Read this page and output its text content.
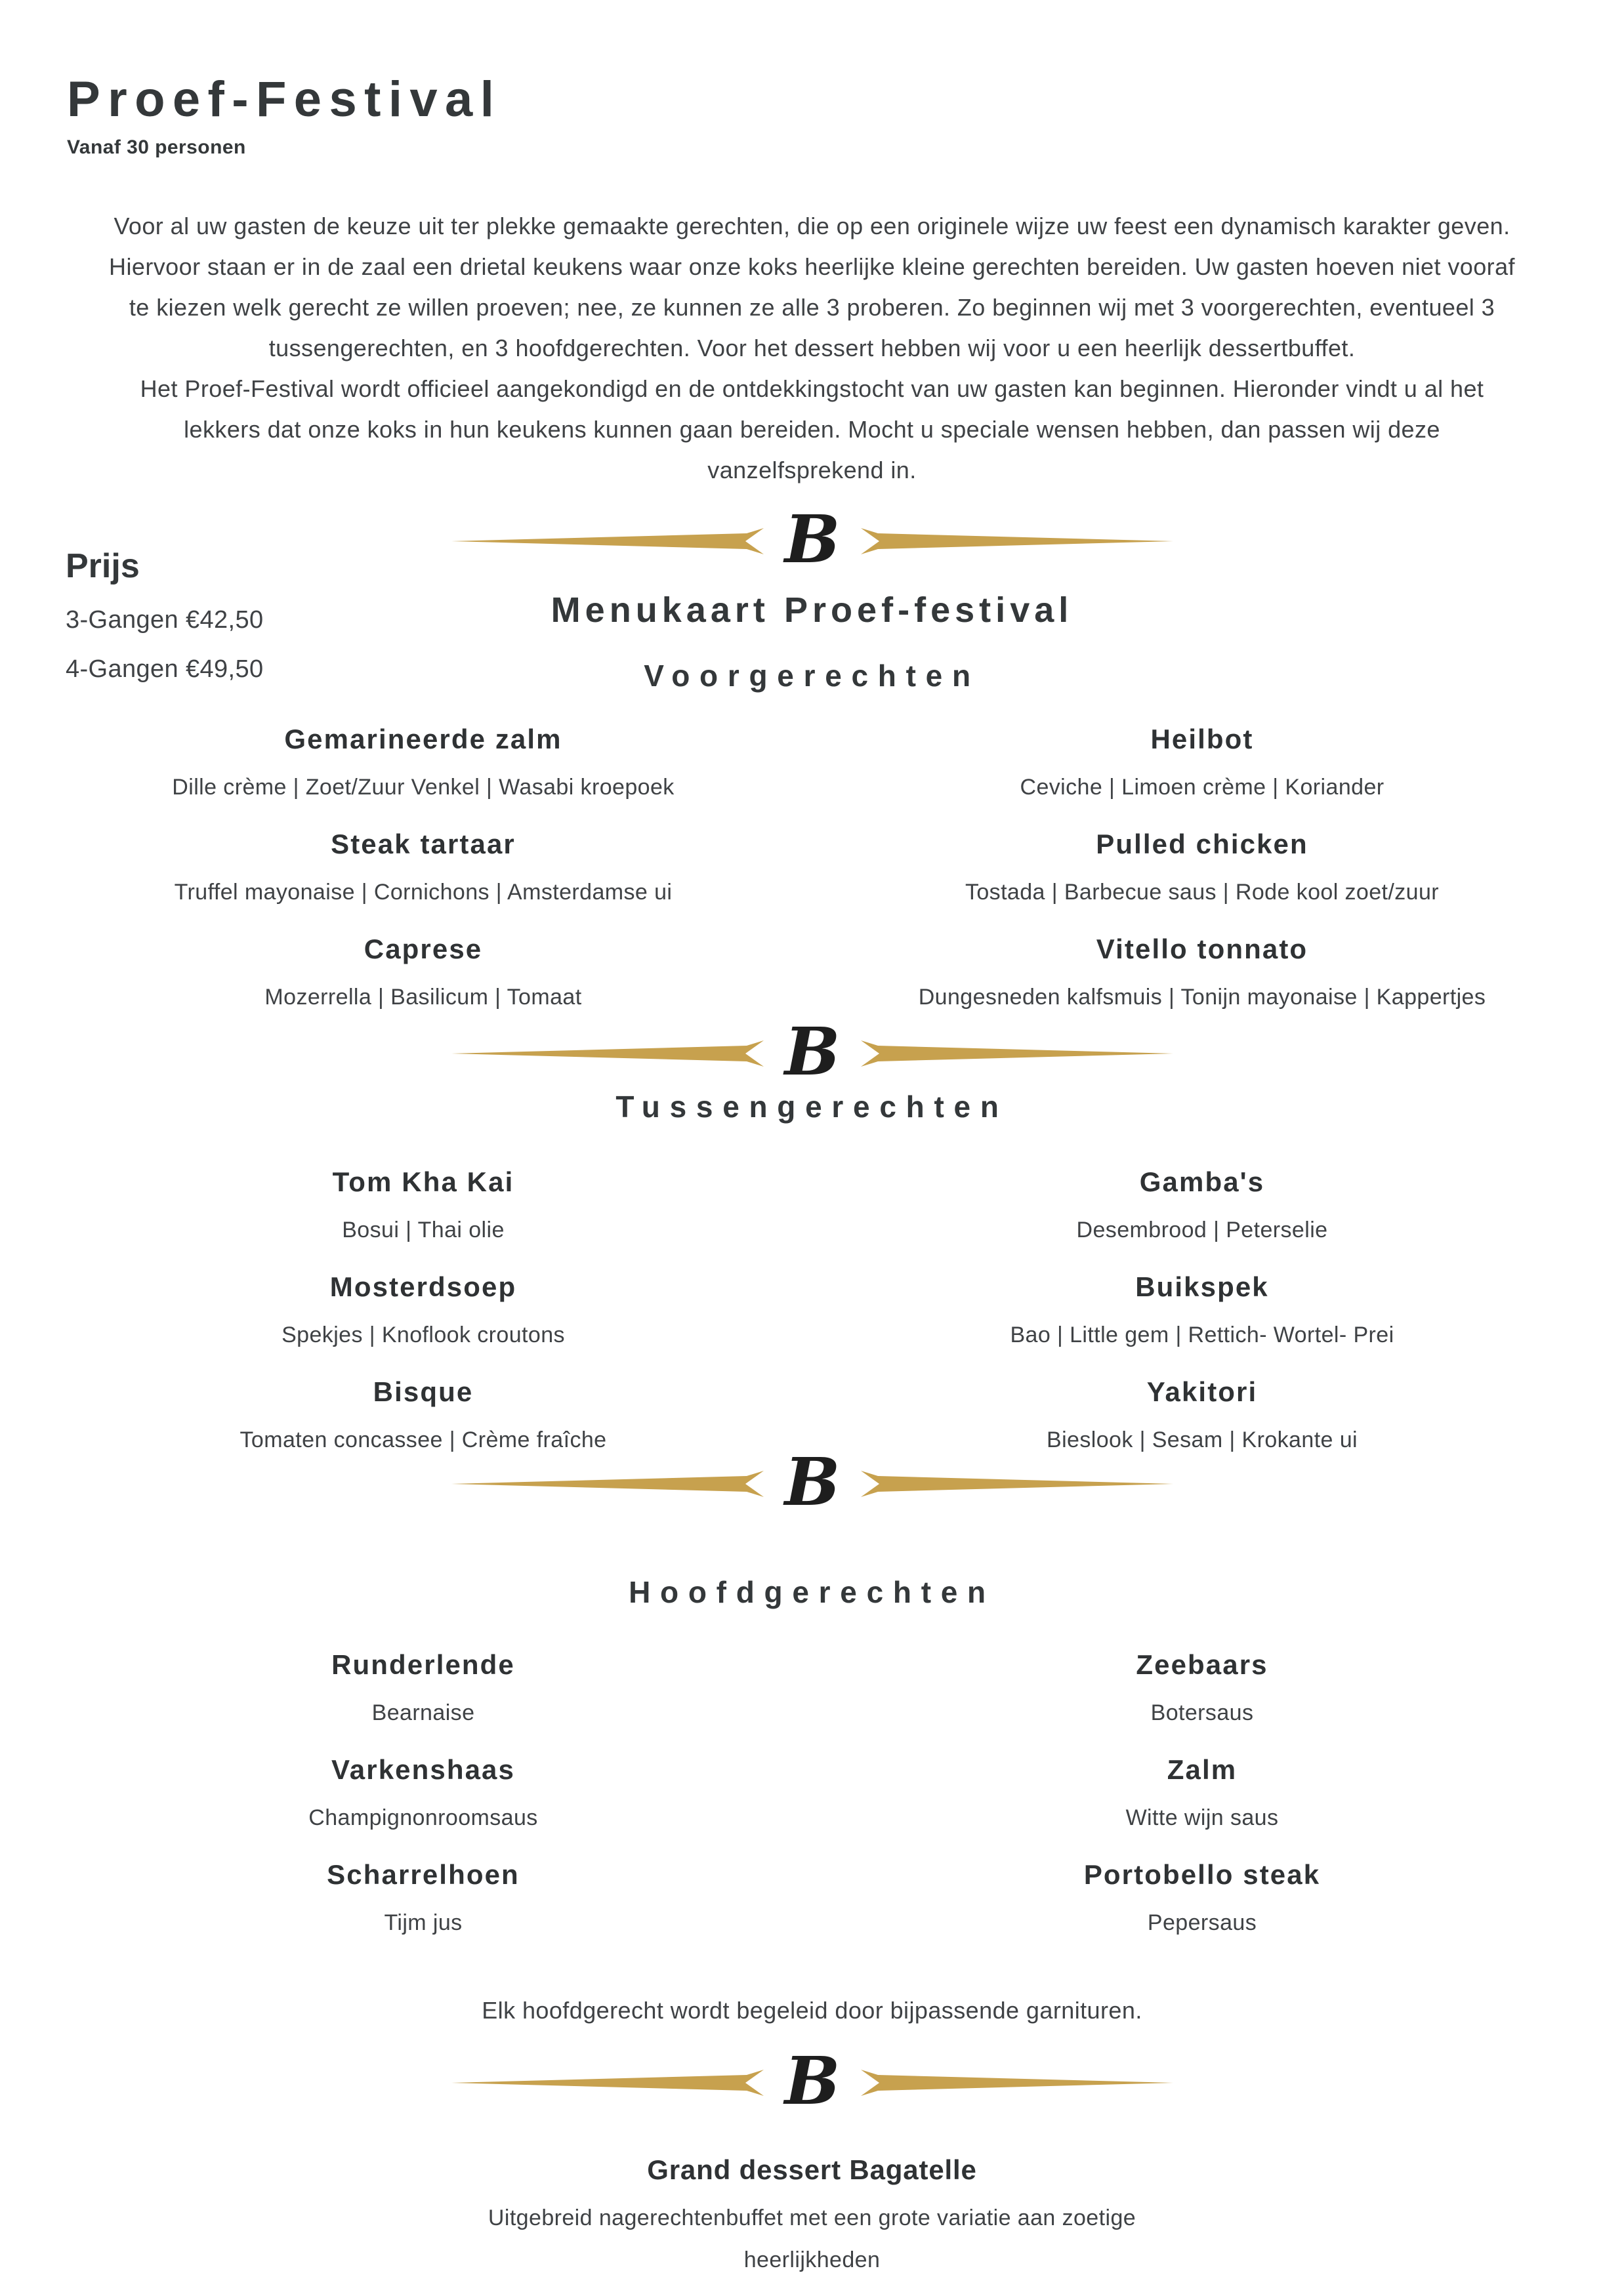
Proef-Festival
Vanaf 30 personen

Voor al uw gasten de keuze uit ter plekke gemaakte gerechten, die op een originele wijze uw feest een dynamisch karakter geven. Hiervoor staan er in de zaal een drietal keukens waar onze koks heerlijke kleine gerechten bereiden. Uw gasten hoeven niet vooraf te kiezen welk gerecht ze willen proeven; nee, ze kunnen ze alle 3 proberen. Zo beginnen wij met 3 voorgerechten, eventueel 3 tussengerechten, en 3 hoofdgerechten. Voor het dessert hebben wij voor u een heerlijk dessertbuffet.

Het Proef-Festival wordt officieel aangekondigd en de ontdekkingstocht van uw gasten kan beginnen. Hieronder vindt u al het lekkers dat onze koks in hun keukens kunnen gaan bereiden. Mocht u speciale wensen hebben, dan passen wij deze vanzelfsprekend in.

Prijs
3-Gangen €42,50
4-Gangen €49,50
B
Menukaart Proef-festival
Voorgerechten
Gemarineerde zalm
Dille crème | Zoet/Zuur Venkel | Wasabi kroepoek
Steak tartaar
Truffel mayonaise | Cornichons | Amsterdamse ui
Caprese
Mozerrella | Basilicum | Tomaat
Heilbot
Ceviche | Limoen crème | Koriander
Pulled chicken
Tostada | Barbecue saus | Rode kool zoet/zuur
Vitello tonnato
Dungesneden kalfsmuis | Tonijn mayonaise | Kappertjes
B
Tussengerechten
Tom Kha Kai
Bosui | Thai olie
Mosterdsoep
Spekjes | Knoflook croutons
Bisque
Tomaten concassee | Crème fraîche
Gamba's
Desembrood | Peterselie
Buikspek
Bao | Little gem | Rettich- Wortel- Prei
Yakitori
Bieslook | Sesam | Krokante ui
B
Hoofdgerechten
Runderlende
Bearnaise
Varkenshaas
Champignonroomsaus
Scharrelhoen
Tijm jus
Zeebaars
Botersaus
Zalm
Witte wijn saus
Portobello steak
Pepersaus
Elk hoofdgerecht wordt begeleid door bijpassende garnituren.
B
Grand dessert Bagatelle
Uitgebreid nagerechtenbuffet met een grote variatie aan zoetige heerlijkheden
